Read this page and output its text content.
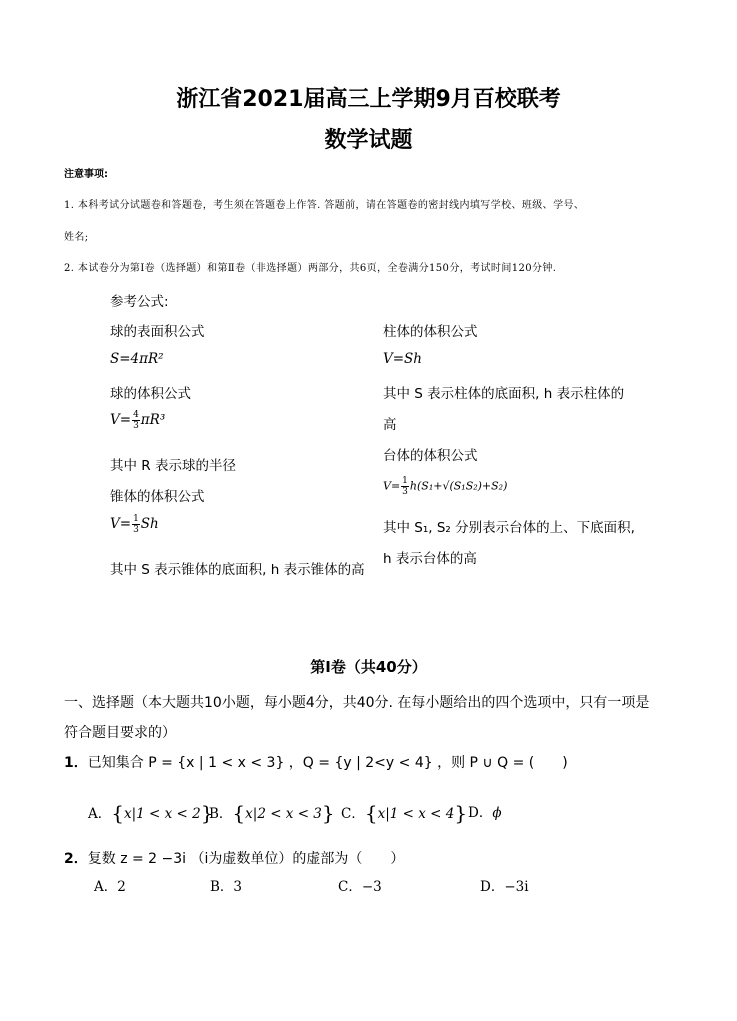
浙江省2021届高三上学期9月百校联考
数学试题
注意事项:
1. 本科考试分试题卷和答题卷，考生须在答题卷上作答. 答题前，请在答题卷的密封线内填写学校、班级、学号、
姓名;
2. 本试卷分为第Ⅰ卷（选择题）和第Ⅱ卷（非选择题）两部分，共6页，全卷满分150分，考试时间120分钟.
参考公式:
球的表面积公式
S=4πR²
球的体积公式
$V= \frac{4}{3} \pi R^3$
其中 R 表示球的半径
锥体的体积公式
$V= \frac{1}{3}$ Sh
其中 S 表示锥体的底面积, h 表示锥体的高
柱体的体积公式
V=Sh
其中 S 表示柱体的底面积, h 表示柱体的
高
台体的体积公式
$V= \frac{1}{3} h(S_1+√(S_1S_2)+S_2)$
其中 S₁, S₂ 分别表示台体的上、下底面积,
h 表示台体的高
第Ⅰ卷（共40分）
一、选择题（本大题共10小题，每小题4分，共40分. 在每小题给出的四个选项中，只有一项是
符合题目要求的）
1．已知集合 P = {x | 1 < x < 3} ，Q = {y | 2<y < 4} ，则 P ∪ Q = (　　)
A．{x|1 < x < 2}
B．{x|2 < x < 3} C．{x|1 < x < 4} D．ϕ
2．复数 z = 2 −3i （i为虚数单位）的虚部为（　　）
A．2	B．3	C．−3	D．−3i
